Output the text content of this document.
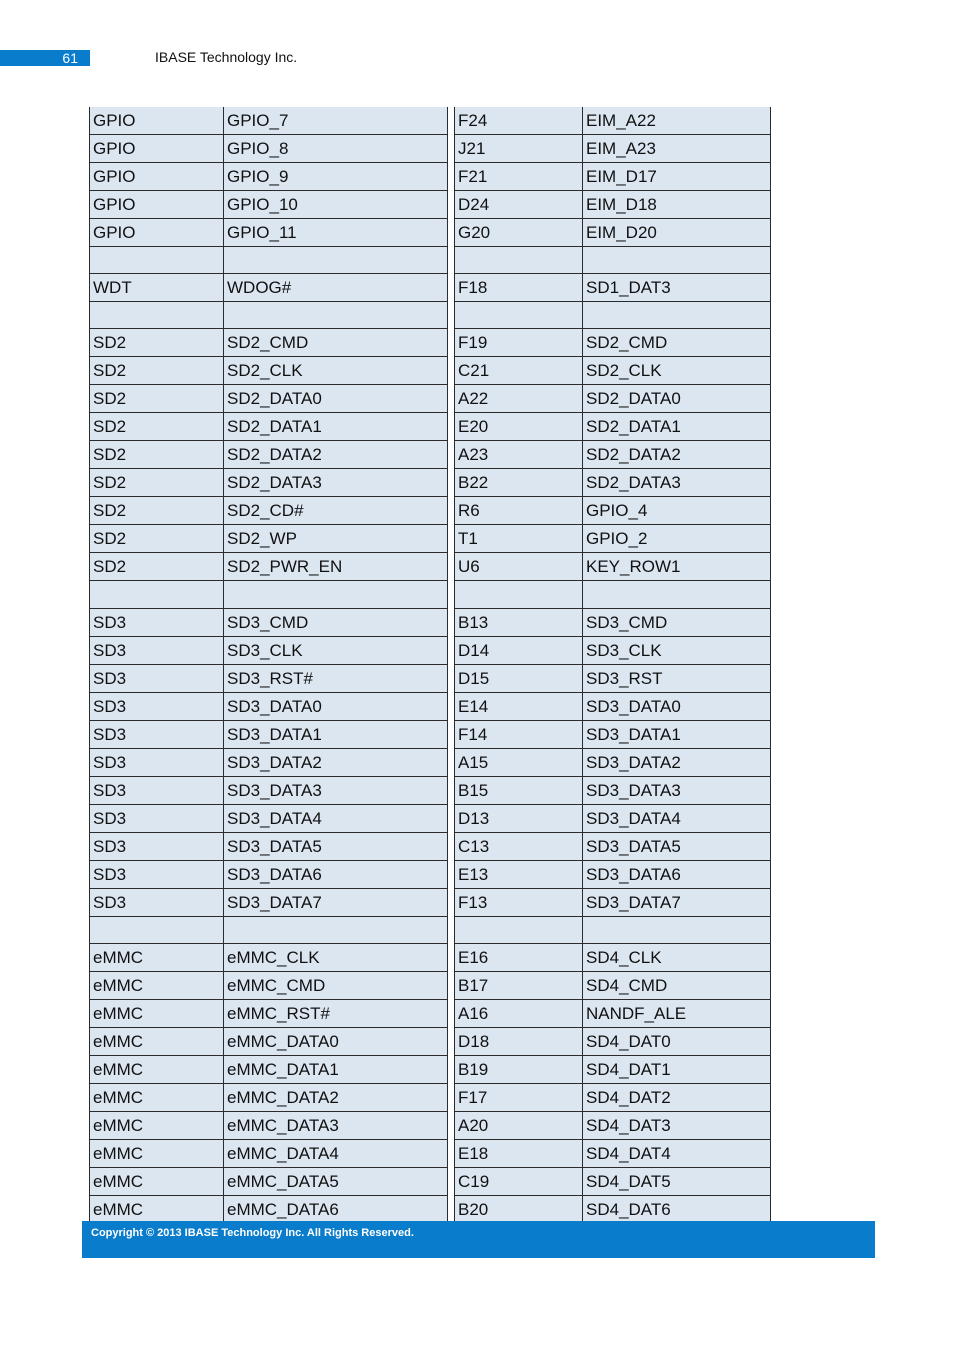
61	IBASE Technology Inc.
GPIO	GPIO_7		F24	EIM_A22
GPIO	GPIO_8		J21	EIM_A23
GPIO	GPIO_9		F21	EIM_D17
GPIO	GPIO_10		D24	EIM_D18
GPIO	GPIO_11		G20	EIM_D20

WDT	WDOG#		F18	SD1_DAT3

SD2	SD2_CMD		F19	SD2_CMD
SD2	SD2_CLK		C21	SD2_CLK
SD2	SD2_DATA0		A22	SD2_DATA0
SD2	SD2_DATA1		E20	SD2_DATA1
SD2	SD2_DATA2		A23	SD2_DATA2
SD2	SD2_DATA3		B22	SD2_DATA3
SD2	SD2_CD#		R6	GPIO_4
SD2	SD2_WP		T1	GPIO_2
SD2	SD2_PWR_EN		U6	KEY_ROW1

SD3	SD3_CMD		B13	SD3_CMD
SD3	SD3_CLK		D14	SD3_CLK
SD3	SD3_RST#		D15	SD3_RST
SD3	SD3_DATA0		E14	SD3_DATA0
SD3	SD3_DATA1		F14	SD3_DATA1
SD3	SD3_DATA2		A15	SD3_DATA2
SD3	SD3_DATA3		B15	SD3_DATA3
SD3	SD3_DATA4		D13	SD3_DATA4
SD3	SD3_DATA5		C13	SD3_DATA5
SD3	SD3_DATA6		E13	SD3_DATA6
SD3	SD3_DATA7		F13	SD3_DATA7

eMMC	eMMC_CLK		E16	SD4_CLK
eMMC	eMMC_CMD		B17	SD4_CMD
eMMC	eMMC_RST#		A16	NANDF_ALE
eMMC	eMMC_DATA0		D18	SD4_DAT0
eMMC	eMMC_DATA1		B19	SD4_DAT1
eMMC	eMMC_DATA2		F17	SD4_DAT2
eMMC	eMMC_DATA3		A20	SD4_DAT3
eMMC	eMMC_DATA4		E18	SD4_DAT4
eMMC	eMMC_DATA5		C19	SD4_DAT5
eMMC	eMMC_DATA6		B20	SD4_DAT6
Copyright © 2013 IBASE Technology Inc. All Rights Reserved.
